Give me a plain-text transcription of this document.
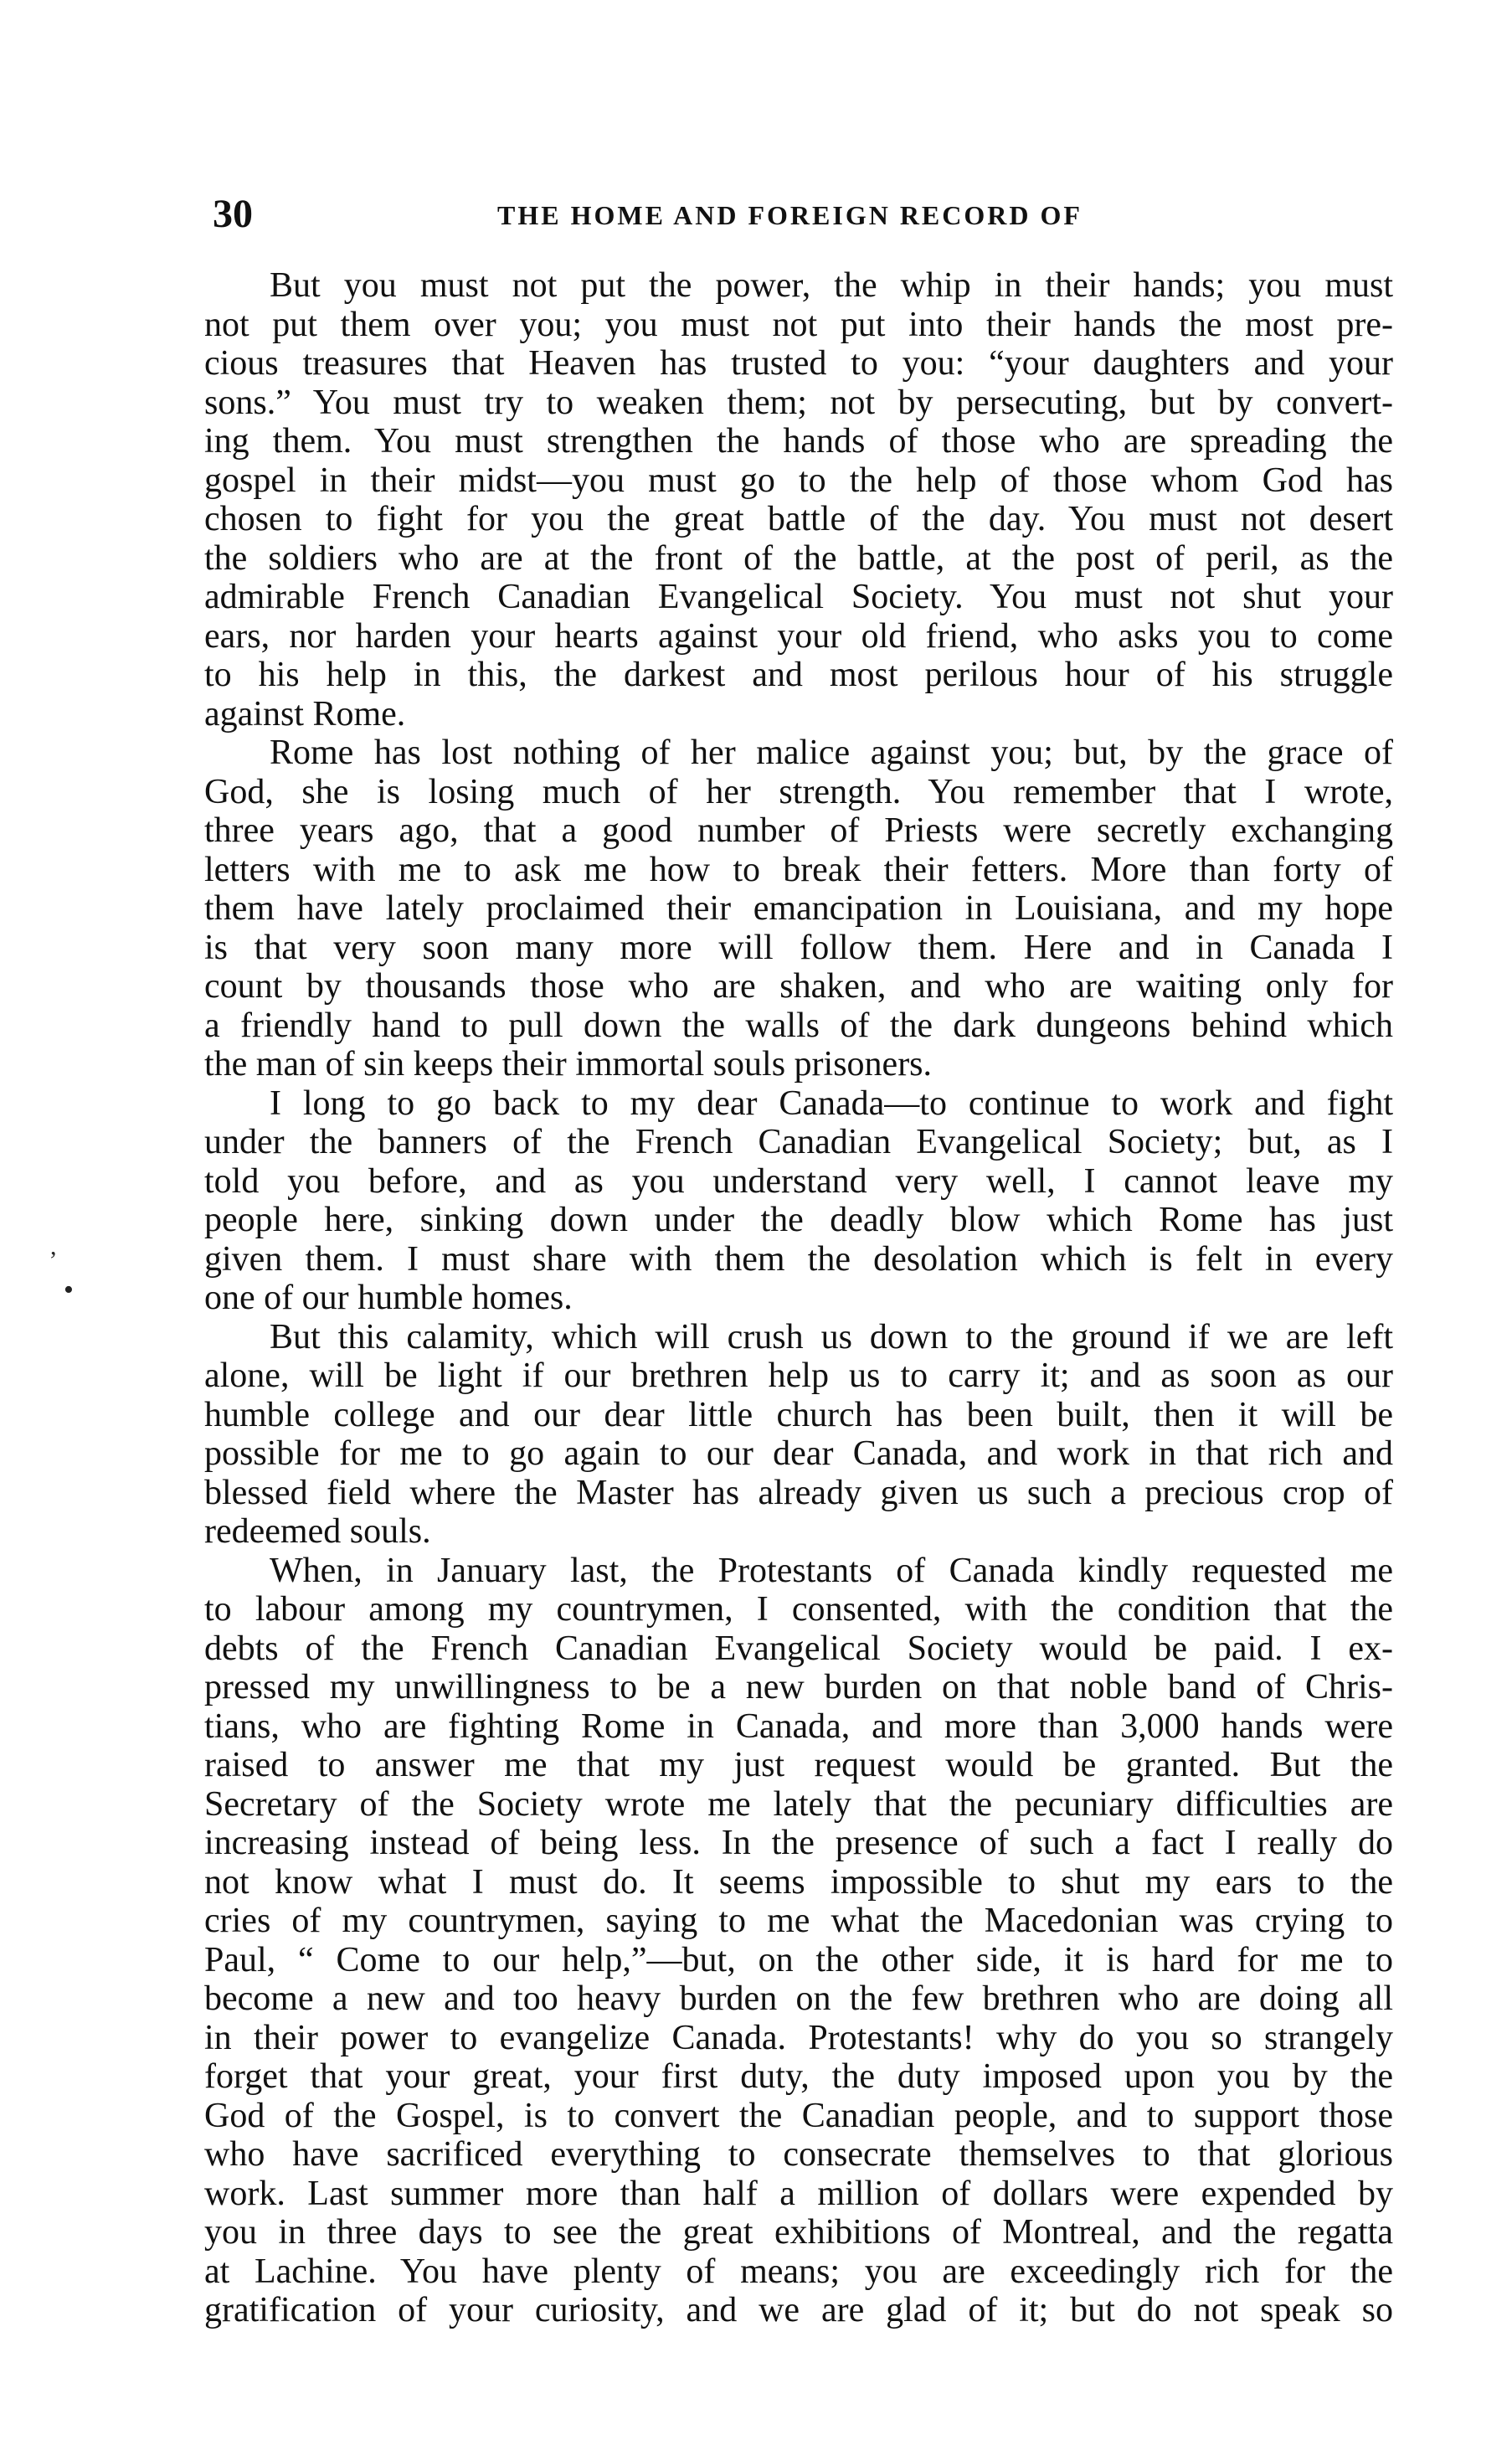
30	THE HOME AND FOREIGN RECORD OF
,
•
But you must not put the power, the whip in their hands; you must
not put them over you; you must not put into their hands the most pre-
cious treasures that Heaven has trusted to you: “your daughters and your
sons.” You must try to weaken them; not by persecuting, but by convert-
ing them. You must strengthen the hands of those who are spreading the
gospel in their midst—you must go to the help of those whom God has
chosen to fight for you the great battle of the day. You must not desert
the soldiers who are at the front of the battle, at the post of peril, as the
admirable French Canadian Evangelical Society. You must not shut your
ears, nor harden your hearts against your old friend, who asks you to come
to his help in this, the darkest and most perilous hour of his struggle
against Rome.
Rome has lost nothing of her malice against you; but, by the grace of
God, she is losing much of her strength. You remember that I wrote,
three years ago, that a good number of Priests were secretly exchanging
letters with me to ask me how to break their fetters. More than forty of
them have lately proclaimed their emancipation in Louisiana, and my hope
is that very soon many more will follow them. Here and in Canada I
count by thousands those who are shaken, and who are waiting only for
a friendly hand to pull down the walls of the dark dungeons behind which
the man of sin keeps their immortal souls prisoners.
I long to go back to my dear Canada—to continue to work and fight
under the banners of the French Canadian Evangelical Society; but, as I
told you before, and as you understand very well, I cannot leave my
people here, sinking down under the deadly blow which Rome has just
given them. I must share with them the desolation which is felt in every
one of our humble homes.
But this calamity, which will crush us down to the ground if we are left
alone, will be light if our brethren help us to carry it; and as soon as our
humble college and our dear little church has been built, then it will be
possible for me to go again to our dear Canada, and work in that rich and
blessed field where the Master has already given us such a precious crop of
redeemed souls.
When, in January last, the Protestants of Canada kindly requested me
to labour among my countrymen, I consented, with the condition that the
debts of the French Canadian Evangelical Society would be paid. I ex-
pressed my unwillingness to be a new burden on that noble band of Chris-
tians, who are fighting Rome in Canada, and more than 3,000 hands were
raised to answer me that my just request would be granted. But the
Secretary of the Society wrote me lately that the pecuniary difficulties are
increasing instead of being less. In the presence of such a fact I really do
not know what I must do. It seems impossible to shut my ears to the
cries of my countrymen, saying to me what the Macedonian was crying to
Paul, “ Come to our help,”—but, on the other side, it is hard for me to
become a new and too heavy burden on the few brethren who are doing all
in their power to evangelize Canada. Protestants! why do you so strangely
forget that your great, your first duty, the duty imposed upon you by the
God of the Gospel, is to convert the Canadian people, and to support those
who have sacrificed everything to consecrate themselves to that glorious
work. Last summer more than half a million of dollars were expended by
you in three days to see the great exhibitions of Montreal, and the regatta
at Lachine. You have plenty of means; you are exceedingly rich for the
gratification of your curiosity, and we are glad of it; but do not speak so
